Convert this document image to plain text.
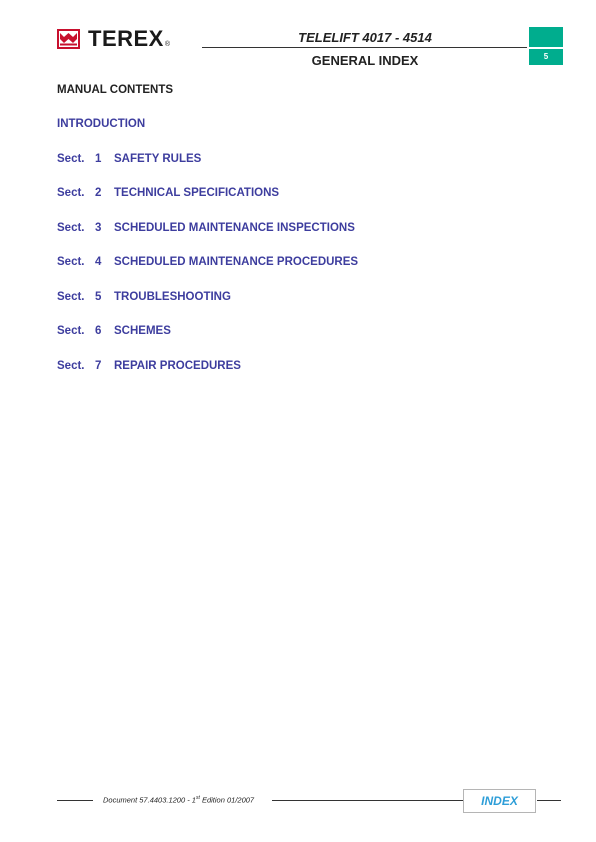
TEREX ®	TELELIFT 4017 - 4514
GENERAL INDEX	5
MANUAL CONTENTS
INTRODUCTION
Sect. 1 SAFETY RULES
Sect. 2 TECHNICAL SPECIFICATIONS
Sect. 3 SCHEDULED MAINTENANCE INSPECTIONS
Sect. 4 SCHEDULED MAINTENANCE PROCEDURES
Sect. 5 TROUBLESHOOTING
Sect. 6 SCHEMES
Sect. 7 REPAIR PROCEDURES
Document 57.4403.1200 - 1st Edition 01/2007	INDEX
